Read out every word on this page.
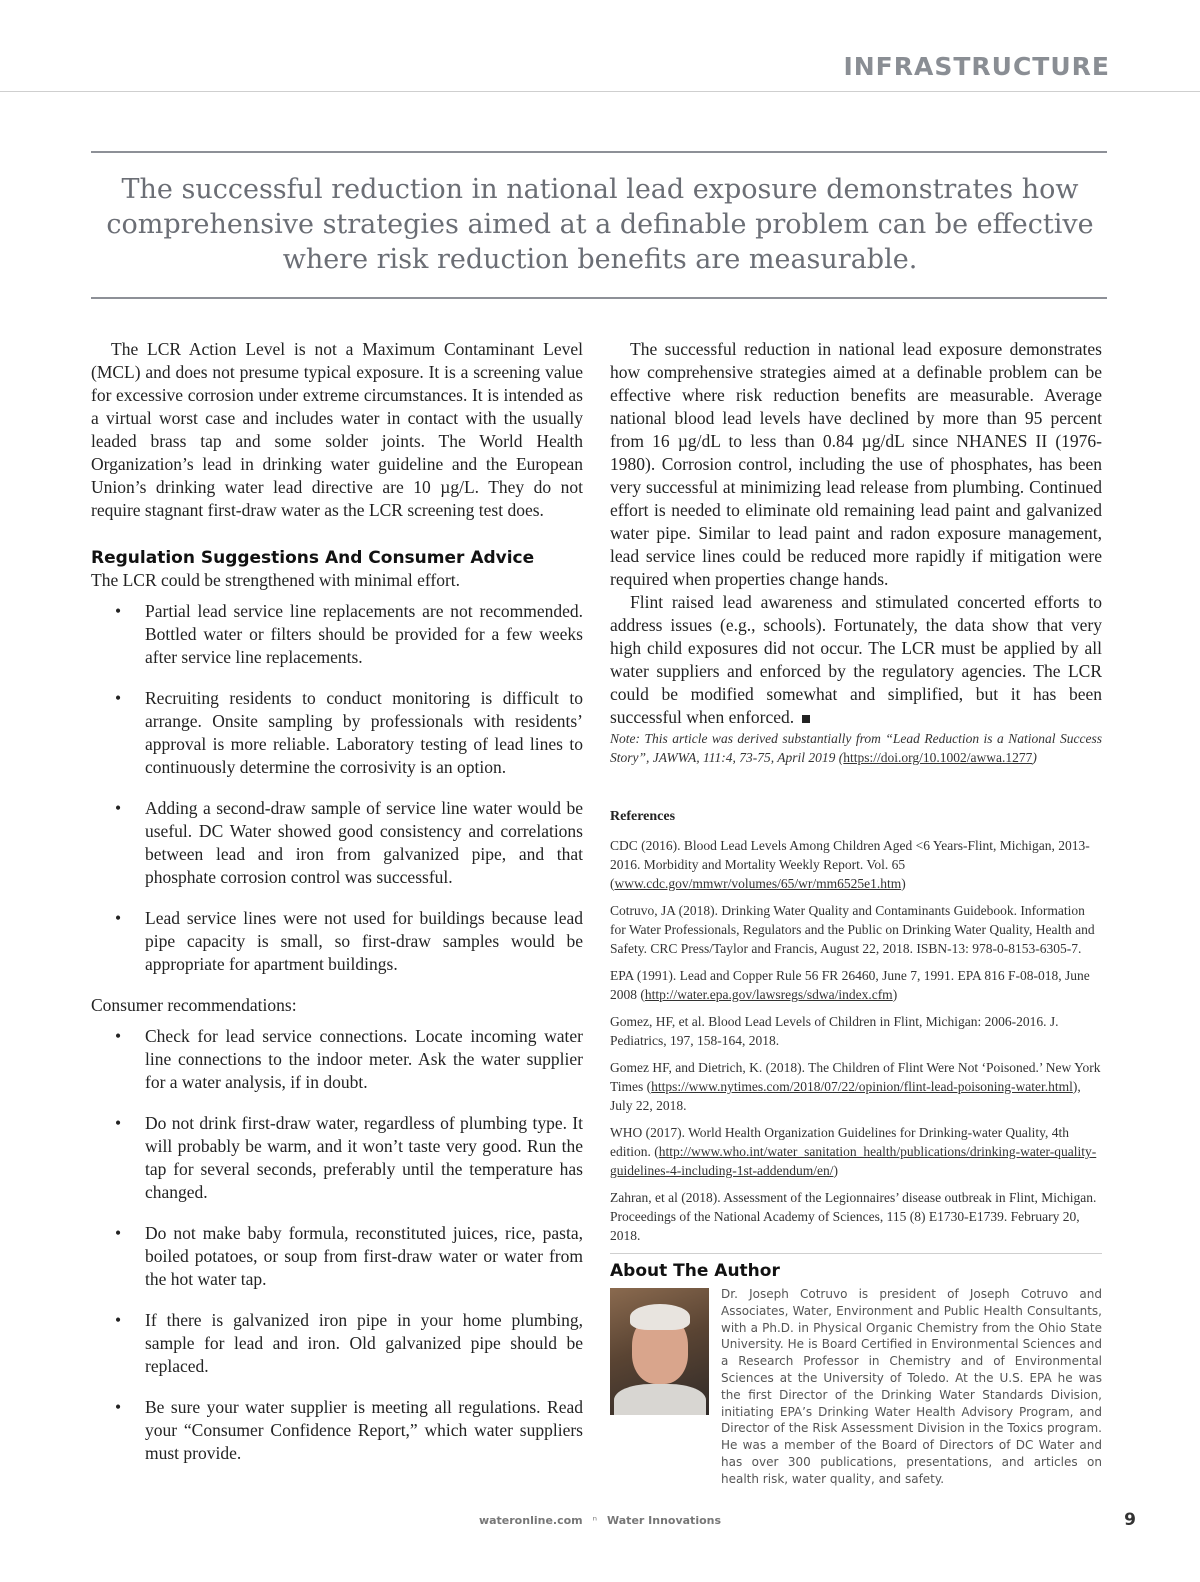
INFRASTRUCTURE

The successful reduction in national lead exposure demonstrates how comprehensive strategies aimed at a definable problem can be effective where risk reduction benefits are measurable.

The LCR Action Level is not a Maximum Contaminant Level (MCL) and does not presume typical exposure. It is a screening value for excessive corrosion under extreme circumstances. It is intended as a virtual worst case and includes water in contact with the usually leaded brass tap and some solder joints. The World Health Organization’s lead in drinking water guideline and the European Union’s drinking water lead directive are 10 µg/L. They do not require stagnant first-draw water as the LCR screening test does.

Regulation Suggestions And Consumer Advice

The LCR could be strengthened with minimal effort.

• Partial lead service line replacements are not recommended. Bottled water or filters should be provided for a few weeks after service line replacements.
• Recruiting residents to conduct monitoring is difficult to arrange. Onsite sampling by professionals with residents’ approval is more reliable. Laboratory testing of lead lines to continuously determine the corrosivity is an option.
• Adding a second-draw sample of service line water would be useful. DC Water showed good consistency and correlations between lead and iron from galvanized pipe, and that phosphate corrosion control was successful.
• Lead service lines were not used for buildings because lead pipe capacity is small, so first-draw samples would be appropriate for apartment buildings.

Consumer recommendations:

• Check for lead service connections. Locate incoming water line connections to the indoor meter. Ask the water supplier for a water analysis, if in doubt.
• Do not drink first-draw water, regardless of plumbing type. It will probably be warm, and it won’t taste very good. Run the tap for several seconds, preferably until the temperature has changed.
• Do not make baby formula, reconstituted juices, rice, pasta, boiled potatoes, or soup from first-draw water or water from the hot water tap.
• If there is galvanized iron pipe in your home plumbing, sample for lead and iron. Old galvanized pipe should be replaced.
• Be sure your water supplier is meeting all regulations. Read your “Consumer Confidence Report,” which water suppliers must provide.

The successful reduction in national lead exposure demonstrates how comprehensive strategies aimed at a definable problem can be effective where risk reduction benefits are measurable. Average national blood lead levels have declined by more than 95 percent from 16 µg/dL to less than 0.84 µg/dL since NHANES II (1976-1980). Corrosion control, including the use of phosphates, has been very successful at minimizing lead release from plumbing. Continued effort is needed to eliminate old remaining lead paint and galvanized water pipe. Similar to lead paint and radon exposure management, lead service lines could be reduced more rapidly if mitigation were required when properties change hands.

Flint raised lead awareness and stimulated concerted efforts to address issues (e.g., schools). Fortunately, the data show that very high child exposures did not occur. The LCR must be applied by all water suppliers and enforced by the regulatory agencies. The LCR could be modified somewhat and simplified, but it has been successful when enforced.

Note: This article was derived substantially from “Lead Reduction is a National Success Story”, JAWWA, 111:4, 73-75, April 2019 (https://doi.org/10.1002/awwa.1277)

References
CDC (2016). Blood Lead Levels Among Children Aged <6 Years-Flint, Michigan, 2013-2016. Morbidity and Mortality Weekly Report. Vol. 65 (www.cdc.gov/mmwr/volumes/65/wr/mm6525e1.htm)
Cotruvo, JA (2018). Drinking Water Quality and Contaminants Guidebook. Information for Water Professionals, Regulators and the Public on Drinking Water Quality, Health and Safety. CRC Press/Taylor and Francis, August 22, 2018. ISBN-13: 978-0-8153-6305-7.
EPA (1991). Lead and Copper Rule 56 FR 26460, June 7, 1991. EPA 816 F-08-018, June 2008 (http://water.epa.gov/lawsregs/sdwa/index.cfm)
Gomez, HF, et al. Blood Lead Levels of Children in Flint, Michigan: 2006-2016. J. Pediatrics, 197, 158-164, 2018.
Gomez HF, and Dietrich, K. (2018). The Children of Flint Were Not ‘Poisoned.’ New York Times (https://www.nytimes.com/2018/07/22/opinion/flint-lead-poisoning-water.html), July 22, 2018.
WHO (2017). World Health Organization Guidelines for Drinking-water Quality, 4th edition. (http://www.who.int/water_sanitation_health/publications/drinking-water-quality-guidelines-4-including-1st-addendum/en/)
Zahran, et al (2018). Assessment of the Legionnaires’ disease outbreak in Flint, Michigan. Proceedings of the National Academy of Sciences, 115 (8) E1730-E1739. February 20, 2018.
About The Author
Dr. Joseph Cotruvo is president of Joseph Cotruvo and Associates, Water, Environment and Public Health Consultants, with a Ph.D. in Physical Organic Chemistry from the Ohio State University. He is Board Certified in Environmental Sciences and a Research Professor in Chemistry and of Environmental Sciences at the University of Toledo. At the U.S. EPA he was the first Director of the Drinking Water Standards Division, initiating EPA’s Drinking Water Health Advisory Program, and Director of the Risk Assessment Division in the Toxics program. He was a member of the Board of Directors of DC Water and has over 300 publications, presentations, and articles on health risk, water quality, and safety.
wateronline.com ⁿ Water Innovations	9
